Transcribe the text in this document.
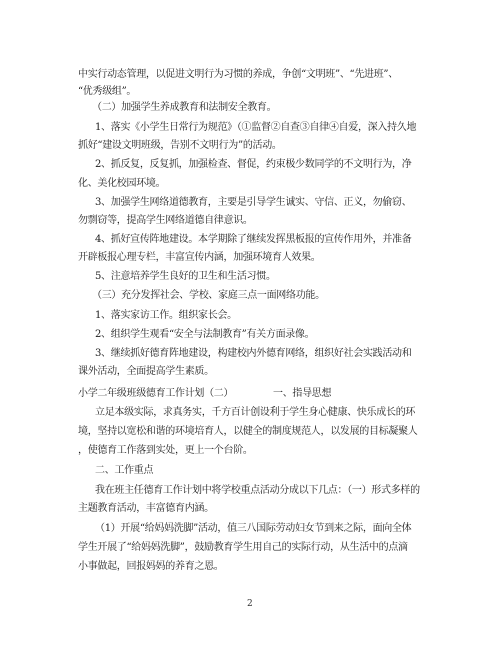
中实行动态管理，以促进文明行为习惯的养成，争创“文明班”、“先进班”、
“优秀级组”。
（二）加强学生养成教育和法制安全教育。
1、落实《小学生日常行为规范》（①监督②自查③自律④自爱，深入持久地
抓好“建设文明班级，告别不文明行为”的活动。
2、抓反复，反复抓，加强检查、督促，约束极少数同学的不文明行为，净
化、美化校园环境。
3、加强学生网络道德教育，主要是引导学生诚实、守信、正义，勿偷窃、
勿剽窃等，提高学生网络道德自律意识。
4、抓好宣传阵地建设。本学期除了继续发挥黑板报的宣传作用外，并准备
开辟板报心理专栏，丰富宣传内涵，加强环境育人效果。
5、注意培养学生良好的卫生和生活习惯。
（三）充分发挥社会、学校、家庭三点一面网络功能。
1、落实家访工作。组织家长会。
2、组织学生观看“安全与法制教育”有关方面录像。
3、继续抓好德育阵地建设，构建校内外德育网络，组织好社会实践活动和
课外活动，全面提高学生素质。
小学二年级班级德育工作计划（二）	一、指导思想
立足本级实际，求真务实，千方百计创设利于学生身心健康、快乐成长的环
境，坚持以宽松和谐的环境培育人，以健全的制度规范人，以发展的目标凝聚人
，使德育工作落到实处，更上一个台阶。
二、工作重点
我在班主任德育工作计划中将学校重点活动分成以下几点：（一）形式多样的
主题教育活动，丰富德育内涵。
（1）开展“给妈妈洗脚”活动，值三八国际劳动妇女节到来之际，面向全体
学生开展了“给妈妈洗脚”，鼓励教育学生用自己的实际行动，从生活中的点滴
小事做起，回报妈妈的养育之恩。
2
